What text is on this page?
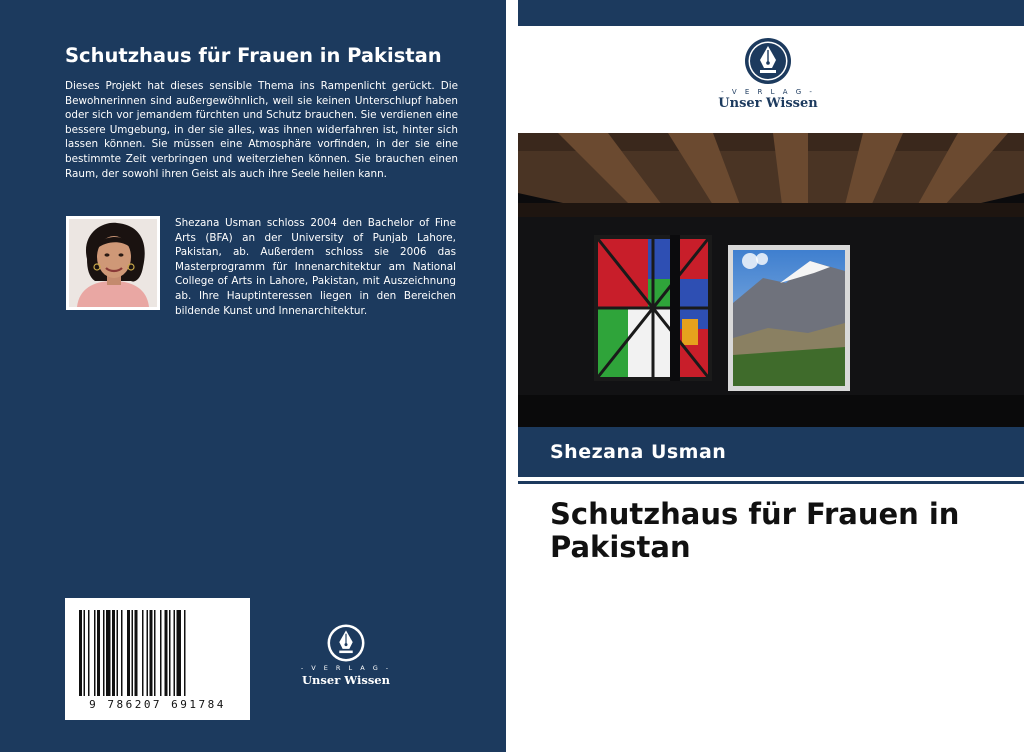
Schutzhaus für Frauen in Pakistan
Dieses Projekt hat dieses sensible Thema ins Rampenlicht gerückt. Die Bewohnerinnen sind außergewöhnlich, weil sie keinen Unterschlupf haben oder sich vor jemandem fürchten und Schutz brauchen. Sie verdienen eine bessere Umgebung, in der sie alles, was ihnen widerfahren ist, hinter sich lassen können. Sie müssen eine Atmosphäre vorfinden, in der sie eine bestimmte Zeit verbringen und weiterziehen können. Sie brauchen einen Raum, der sowohl ihren Geist als auch ihre Seele heilen kann.
Shezana Usman schloss 2004 den Bachelor of Fine Arts (BFA) an der University of Punjab Lahore, Pakistan, ab. Außerdem schloss sie 2006 das Masterprogramm für Innenarchitektur am National College of Arts in Lahore, Pakistan, mit Auszeichnung ab. Ihre Hauptinteressen liegen in den Bereichen bildende Kunst und Innenarchitektur.
9 786207 691784
- V E R L A G -
Unser Wissen
- V E R L A G -
Unser Wissen
Shezana Usman
Schutzhaus für Frauen in Pakistan
